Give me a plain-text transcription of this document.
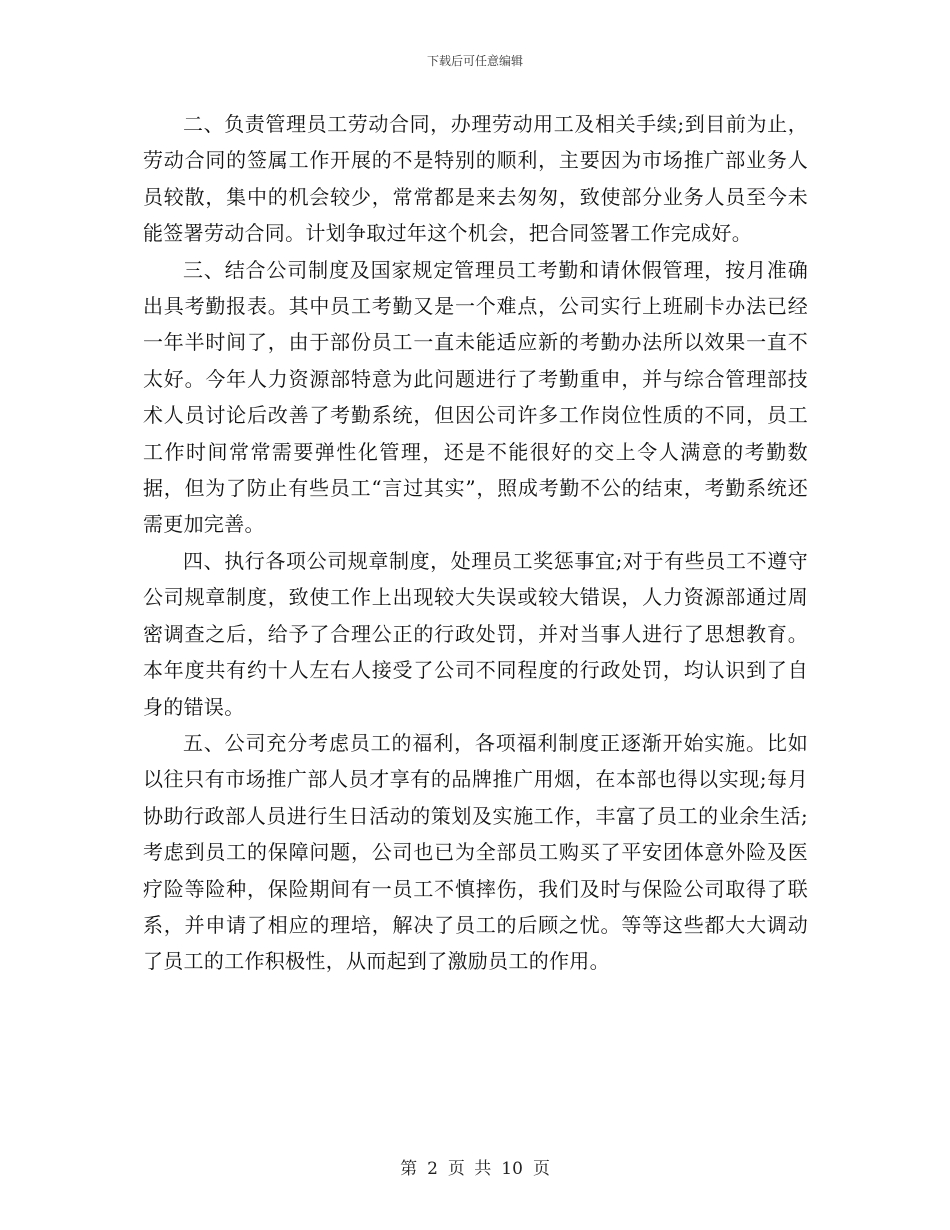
下载后可任意编辑

二、负责管理员工劳动合同，办理劳动用工及相关手续;到目前为止，劳动合同的签属工作开展的不是特别的顺利，主要因为市场推广部业务人员较散，集中的机会较少，常常都是来去匆匆，致使部分业务人员至今未能签署劳动合同。计划争取过年这个机会，把合同签署工作完成好。

三、结合公司制度及国家规定管理员工考勤和请休假管理，按月准确出具考勤报表。其中员工考勤又是一个难点，公司实行上班刷卡办法已经一年半时间了，由于部份员工一直未能适应新的考勤办法所以效果一直不太好。今年人力资源部特意为此问题进行了考勤重申，并与综合管理部技术人员讨论后改善了考勤系统，但因公司许多工作岗位性质的不同，员工工作时间常常需要弹性化管理，还是不能很好的交上令人满意的考勤数据，但为了防止有些员工“言过其实”，照成考勤不公的结束，考勤系统还需更加完善。

四、执行各项公司规章制度，处理员工奖惩事宜;对于有些员工不遵守公司规章制度，致使工作上出现较大失误或较大错误，人力资源部通过周密调查之后，给予了合理公正的行政处罚，并对当事人进行了思想教育。本年度共有约十人左右人接受了公司不同程度的行政处罚，均认识到了自身的错误。

五、公司充分考虑员工的福利，各项福利制度正逐渐开始实施。比如以往只有市场推广部人员才享有的品牌推广用烟，在本部也得以实现;每月协助行政部人员进行生日活动的策划及实施工作，丰富了员工的业余生活;考虑到员工的保障问题，公司也已为全部员工购买了平安团体意外险及医疗险等险种，保险期间有一员工不慎摔伤，我们及时与保险公司取得了联系，并申请了相应的理培，解决了员工的后顾之忧。等等这些都大大调动了员工的工作积极性，从而起到了激励员工的作用。

第 2 页 共 10 页
